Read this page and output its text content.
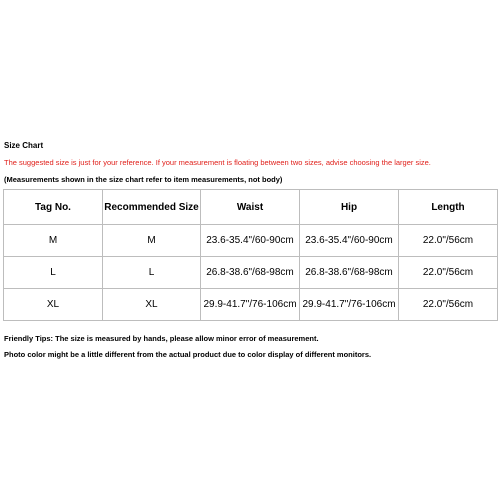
Size Chart
The suggested size is just for your reference. If your measurement is floating between two sizes, advise choosing the larger size.
(Measurements shown in the size chart refer to item measurements, not body)
Tag No.	Recommended Size	Waist	Hip	Length
M	M	23.6-35.4"/60-90cm	23.6-35.4"/60-90cm	22.0"/56cm
L	L	26.8-38.6"/68-98cm	26.8-38.6"/68-98cm	22.0"/56cm
XL	XL	29.9-41.7"/76-106cm	29.9-41.7"/76-106cm	22.0"/56cm
Friendly Tips: The size is measured by hands, please allow minor error of measurement.
Photo color might be a little different from the actual product due to color display of different monitors.
